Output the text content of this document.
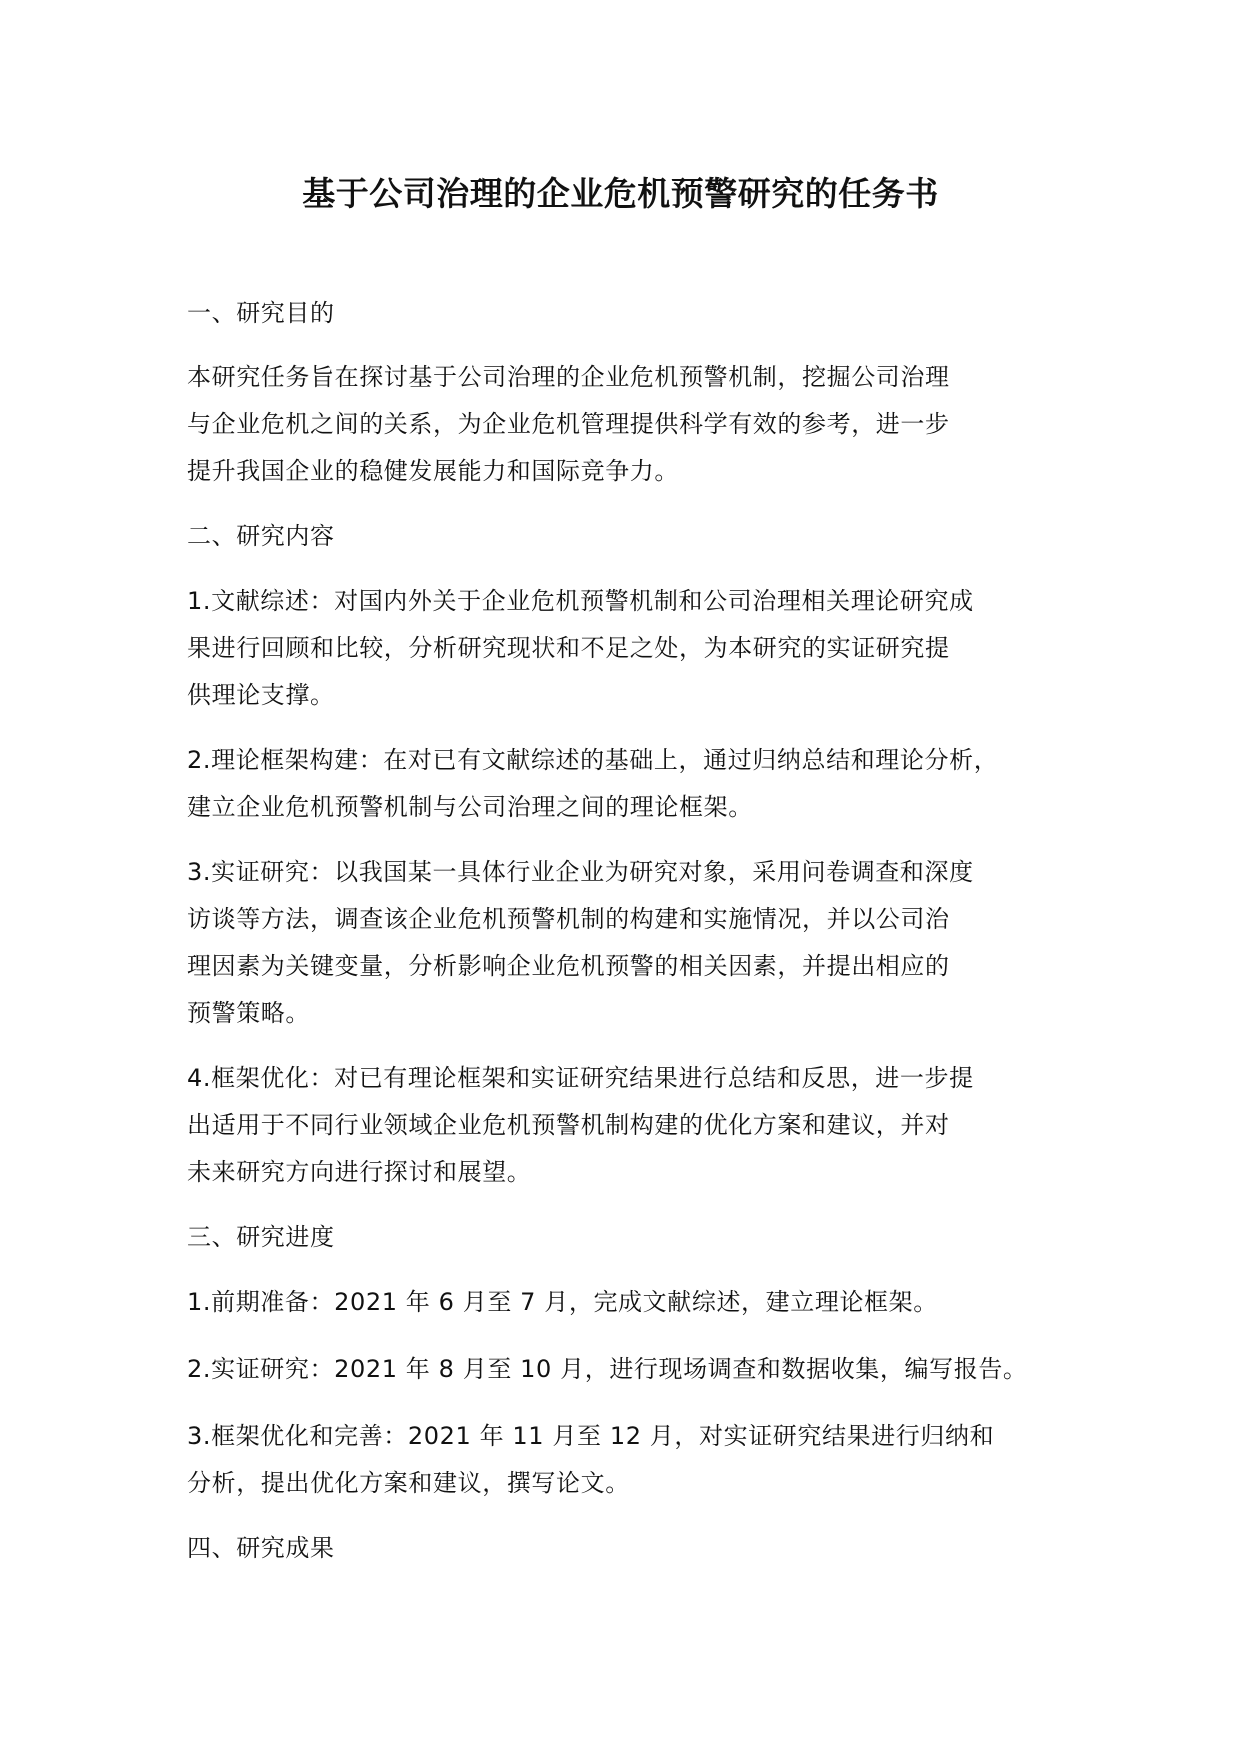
基于公司治理的企业危机预警研究的任务书
一、研究目的
本研究任务旨在探讨基于公司治理的企业危机预警机制，挖掘公司治理
与企业危机之间的关系，为企业危机管理提供科学有效的参考，进一步
提升我国企业的稳健发展能力和国际竞争力。
二、研究内容
1.文献综述：对国内外关于企业危机预警机制和公司治理相关理论研究成
果进行回顾和比较，分析研究现状和不足之处，为本研究的实证研究提
供理论支撑。
2.理论框架构建：在对已有文献综述的基础上，通过归纳总结和理论分析，
建立企业危机预警机制与公司治理之间的理论框架。
3.实证研究：以我国某一具体行业企业为研究对象，采用问卷调查和深度
访谈等方法，调查该企业危机预警机制的构建和实施情况，并以公司治
理因素为关键变量，分析影响企业危机预警的相关因素，并提出相应的
预警策略。
4.框架优化：对已有理论框架和实证研究结果进行总结和反思，进一步提
出适用于不同行业领域企业危机预警机制构建的优化方案和建议，并对
未来研究方向进行探讨和展望。
三、研究进度
1.前期准备：2021 年 6 月至 7 月，完成文献综述，建立理论框架。
2.实证研究：2021 年 8 月至 10 月，进行现场调查和数据收集，编写报告。
3.框架优化和完善：2021 年 11 月至 12 月，对实证研究结果进行归纳和
分析，提出优化方案和建议，撰写论文。
四、研究成果
